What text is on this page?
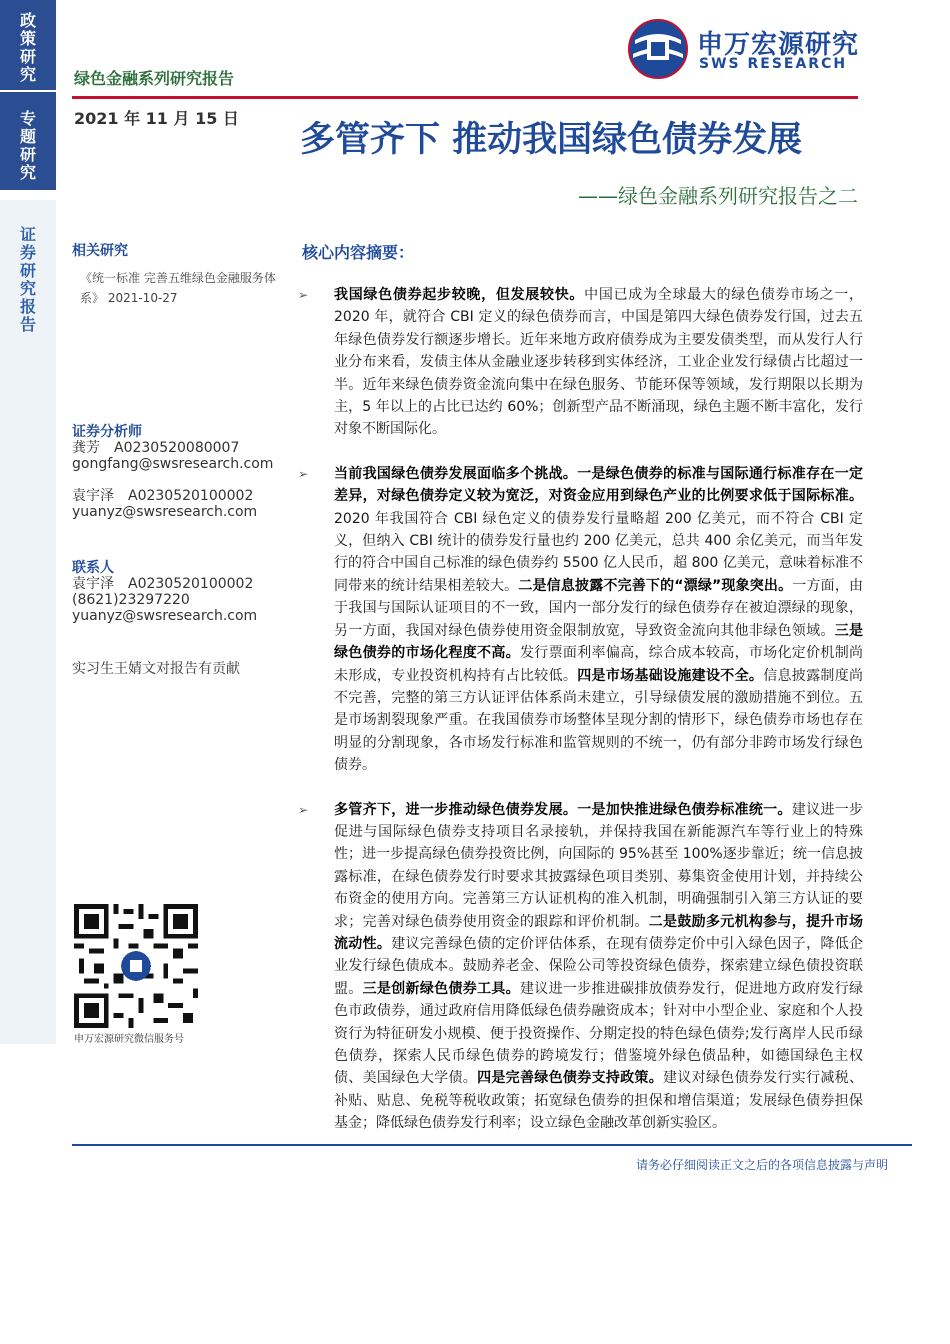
政策研究
专题研究
证券研究报告
绿色金融系列研究报告
2021 年 11 月 15 日
申万宏源研究
SWS RESEARCH
多管齐下 推动我国绿色债券发展
——绿色金融系列研究报告之二
相关研究
《统一标准 完善五维绿色金融服务体系》 2021-10-27
证券分析师
龚芳 A0230520080007
gongfang@swsresearch.com
袁宇泽 A0230520100002
yuanyz@swsresearch.com
联系人
袁宇泽 A0230520100002
(8621)23297220
yuanyz@swsresearch.com
实习生王婧文对报告有贡献
申万宏源研究微信服务号
核心内容摘要：
➢ 我国绿色债券起步较晚，但发展较快。中国已成为全球最大的绿色债券市场之一，2020 年，就符合 CBI 定义的绿色债券而言，中国是第四大绿色债券发行国，过去五年绿色债券发行额逐步增长。近年来地方政府债券成为主要发债类型，而从发行人行业分布来看，发债主体从金融业逐步转移到实体经济，工业企业发行绿债占比超过一半。近年来绿色债券资金流向集中在绿色服务、节能环保等领域，发行期限以长期为主，5 年以上的占比已达约 60%；创新型产品不断涌现，绿色主题不断丰富化，发行对象不断国际化。
➢ 当前我国绿色债券发展面临多个挑战。一是绿色债券的标准与国际通行标准存在一定差异，对绿色债券定义较为宽泛，对资金应用到绿色产业的比例要求低于国际标准。2020 年我国符合 CBI 绿色定义的债券发行量略超 200 亿美元，而不符合 CBI 定义，但纳入 CBI 统计的债券发行量也约 200 亿美元，总共 400 余亿美元，而当年发行的符合中国自己标准的绿色债券约 5500 亿人民币，超 800 亿美元，意味着标准不同带来的统计结果相差较大。二是信息披露不完善下的“漂绿”现象突出。一方面，由于我国与国际认证项目的不一致，国内一部分发行的绿色债券存在被迫漂绿的现象，另一方面，我国对绿色债券使用资金限制放宽，导致资金流向其他非绿色领域。三是绿色债券的市场化程度不高。发行票面利率偏高，综合成本较高，市场化定价机制尚未形成，专业投资机构持有占比较低。四是市场基础设施建设不全。信息披露制度尚不完善，完整的第三方认证评估体系尚未建立，引导绿债发展的激励措施不到位。五是市场割裂现象严重。在我国债券市场整体呈现分割的情形下，绿色债券市场也存在明显的分割现象，各市场发行标准和监管规则的不统一，仍有部分非跨市场发行绿色债券。
➢ 多管齐下，进一步推动绿色债券发展。一是加快推进绿色债券标准统一。建议进一步促进与国际绿色债券支持项目名录接轨，并保持我国在新能源汽车等行业上的特殊性；进一步提高绿色债券投资比例，向国际的 95%甚至 100%逐步靠近；统一信息披露标准，在绿色债券发行时要求其披露绿色项目类别、募集资金使用计划，并持续公布资金的使用方向。完善第三方认证机构的准入机制，明确强制引入第三方认证的要求；完善对绿色债券使用资金的跟踪和评价机制。二是鼓励多元机构参与，提升市场流动性。建议完善绿色债的定价评估体系，在现有债券定价中引入绿色因子，降低企业发行绿色债成本。鼓励养老金、保险公司等投资绿色债券，探索建立绿色债投资联盟。三是创新绿色债券工具。建议进一步推进碳排放债券发行，促进地方政府发行绿色市政债券，通过政府信用降低绿色债券融资成本；针对中小型企业、家庭和个人投资行为特征研发小规模、便于投资操作、分期定投的特色绿色债券;发行离岸人民币绿色债券，探索人民币绿色债券的跨境发行；借鉴境外绿色债品种，如德国绿色主权债、美国绿色大学债。四是完善绿色债券支持政策。建议对绿色债券发行实行减税、补贴、贴息、免税等税收政策；拓宽绿色债券的担保和增信渠道；发展绿色债券担保基金；降低绿色债券发行利率；设立绿色金融改革创新实验区。
请务必仔细阅读正文之后的各项信息披露与声明
